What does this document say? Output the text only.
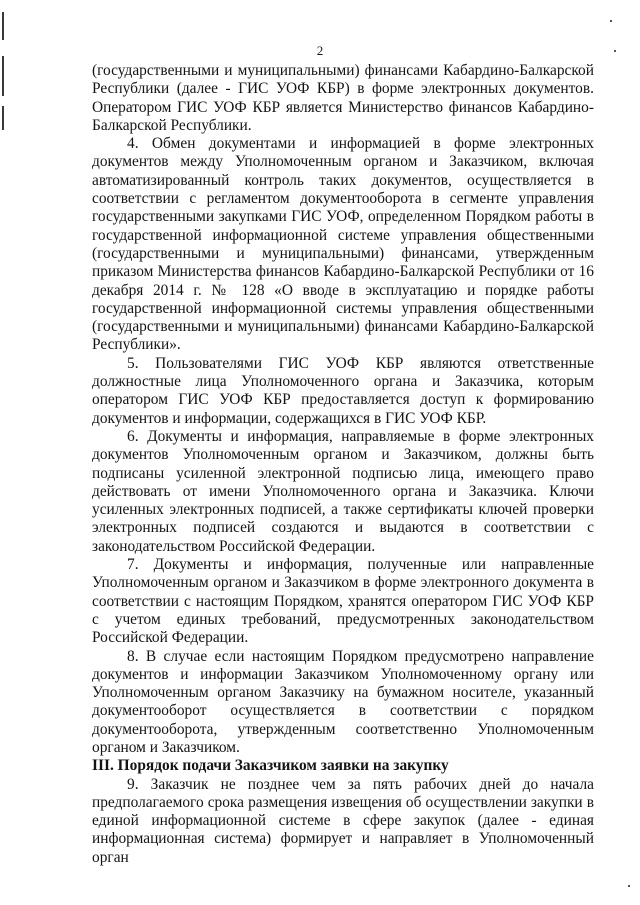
2

(государственными и муниципальными) финансами Кабардино-Балкарской Республики (далее - ГИС УОФ КБР) в форме электронных документов. Оператором ГИС УОФ КБР является Министерство финансов Кабардино-Балкарской Республики.

4. Обмен документами и информацией в форме электронных документов между Уполномоченным органом и Заказчиком, включая автоматизированный контроль таких документов, осуществляется в соответствии с регламентом документооборота в сегменте управления государственными закупками ГИС УОФ, определенном Порядком работы в государственной информационной системе управления общественными (государственными и муниципальными) финансами, утвержденным приказом Министерства финансов Кабардино-Балкарской Республики от 16 декабря 2014 г. № 128 «О вводе в эксплуатацию и порядке работы государственной информационной системы управления общественными (государственными и муниципальными) финансами Кабардино-Балкарской Республики».

5. Пользователями ГИС УОФ КБР являются ответственные должностные лица Уполномоченного органа и Заказчика, которым оператором ГИС УОФ КБР предоставляется доступ к формированию документов и информации, содержащихся в ГИС УОФ КБР.

6. Документы и информация, направляемые в форме электронных документов Уполномоченным органом и Заказчиком, должны быть подписаны усиленной электронной подписью лица, имеющего право действовать от имени Уполномоченного органа и Заказчика. Ключи усиленных электронных подписей, а также сертификаты ключей проверки электронных подписей создаются и выдаются в соответствии с законодательством Российской Федерации.

7. Документы и информация, полученные или направленные Уполномоченным органом и Заказчиком в форме электронного документа в соответствии с настоящим Порядком, хранятся оператором ГИС УОФ КБР с учетом единых требований, предусмотренных законодательством Российской Федерации.

8. В случае если настоящим Порядком предусмотрено направление документов и информации Заказчиком Уполномоченному органу или Уполномоченным органом Заказчику на бумажном носителе, указанный документооборот осуществляется в соответствии с порядком документооборота, утвержденным соответственно Уполномоченным органом и Заказчиком.

III. Порядок подачи Заказчиком заявки на закупку

9. Заказчик не позднее чем за пять рабочих дней до начала предполагаемого срока размещения извещения об осуществлении закупки в единой информационной системе в сфере закупок (далее - единая информационная система) формирует и направляет в Уполномоченный орган
